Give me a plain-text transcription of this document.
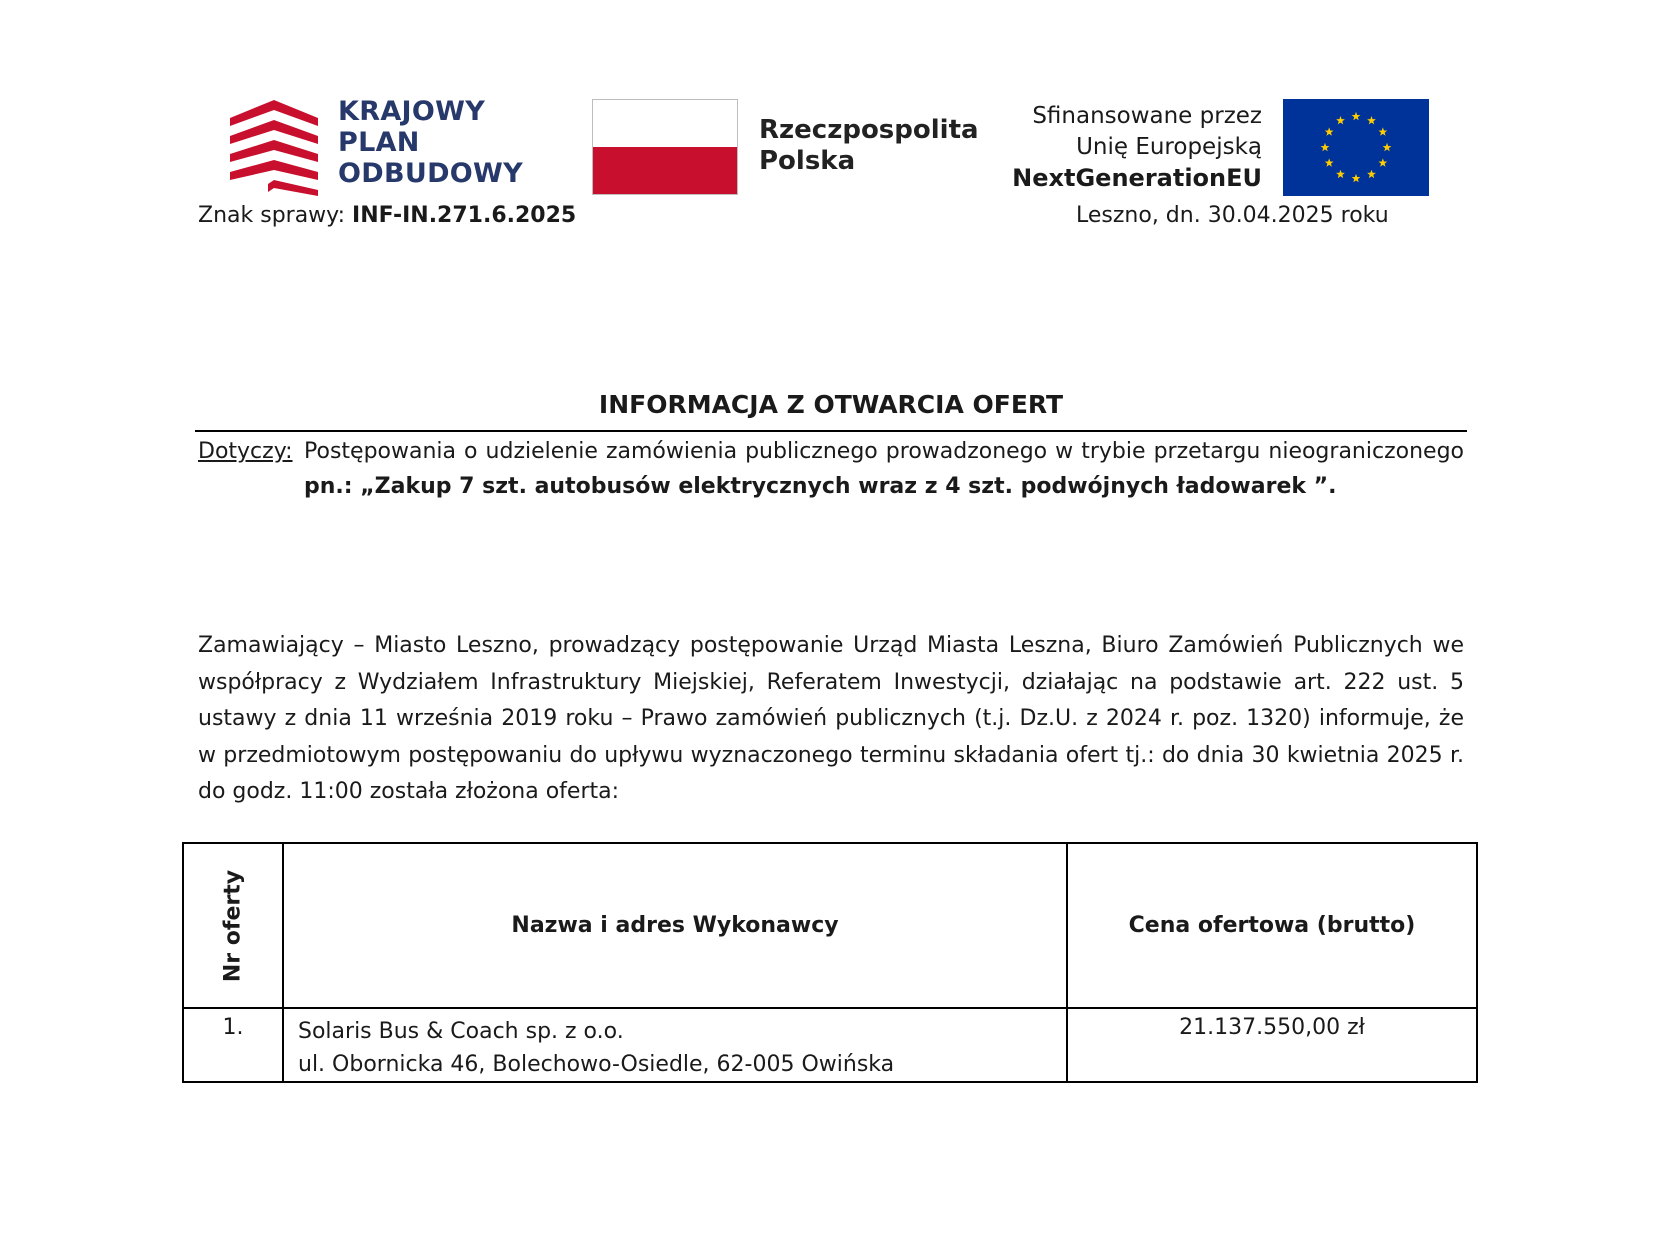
KRAJOWY
PLAN
ODBUDOWY
Rzeczpospolita
Polska
Sfinansowane przez
Unię Europejską
NextGenerationEU
Znak sprawy: INF-IN.271.6.2025	Leszno, dn. 30.04.2025 roku
INFORMACJA Z OTWARCIA OFERT
Dotyczy: Postępowania o udzielenie zamówienia publicznego prowadzonego w trybie przetargu nieograniczonego pn.: „Zakup 7 szt. autobusów elektrycznych wraz z 4 szt. podwójnych ładowarek ”.
Zamawiający – Miasto Leszno, prowadzący postępowanie Urząd Miasta Leszna, Biuro Zamówień Publicznych we współpracy z Wydziałem Infrastruktury Miejskiej, Referatem Inwestycji, działając na podstawie art. 222 ust. 5 ustawy z dnia 11 września 2019 roku – Prawo zamówień publicznych (t.j. Dz.U. z 2024 r. poz. 1320) informuje, że w przedmiotowym postępowaniu do upływu wyznaczonego terminu składania ofert tj.: do dnia 30 kwietnia 2025 r. do godz. 11:00 została złożona oferta:
Nr oferty	Nazwa i adres Wykonawcy	Cena ofertowa (brutto)
1.	Solaris Bus & Coach sp. z o.o.
ul. Obornicka 46, Bolechowo-Osiedle, 62-005 Owińska	21.137.550,00 zł
